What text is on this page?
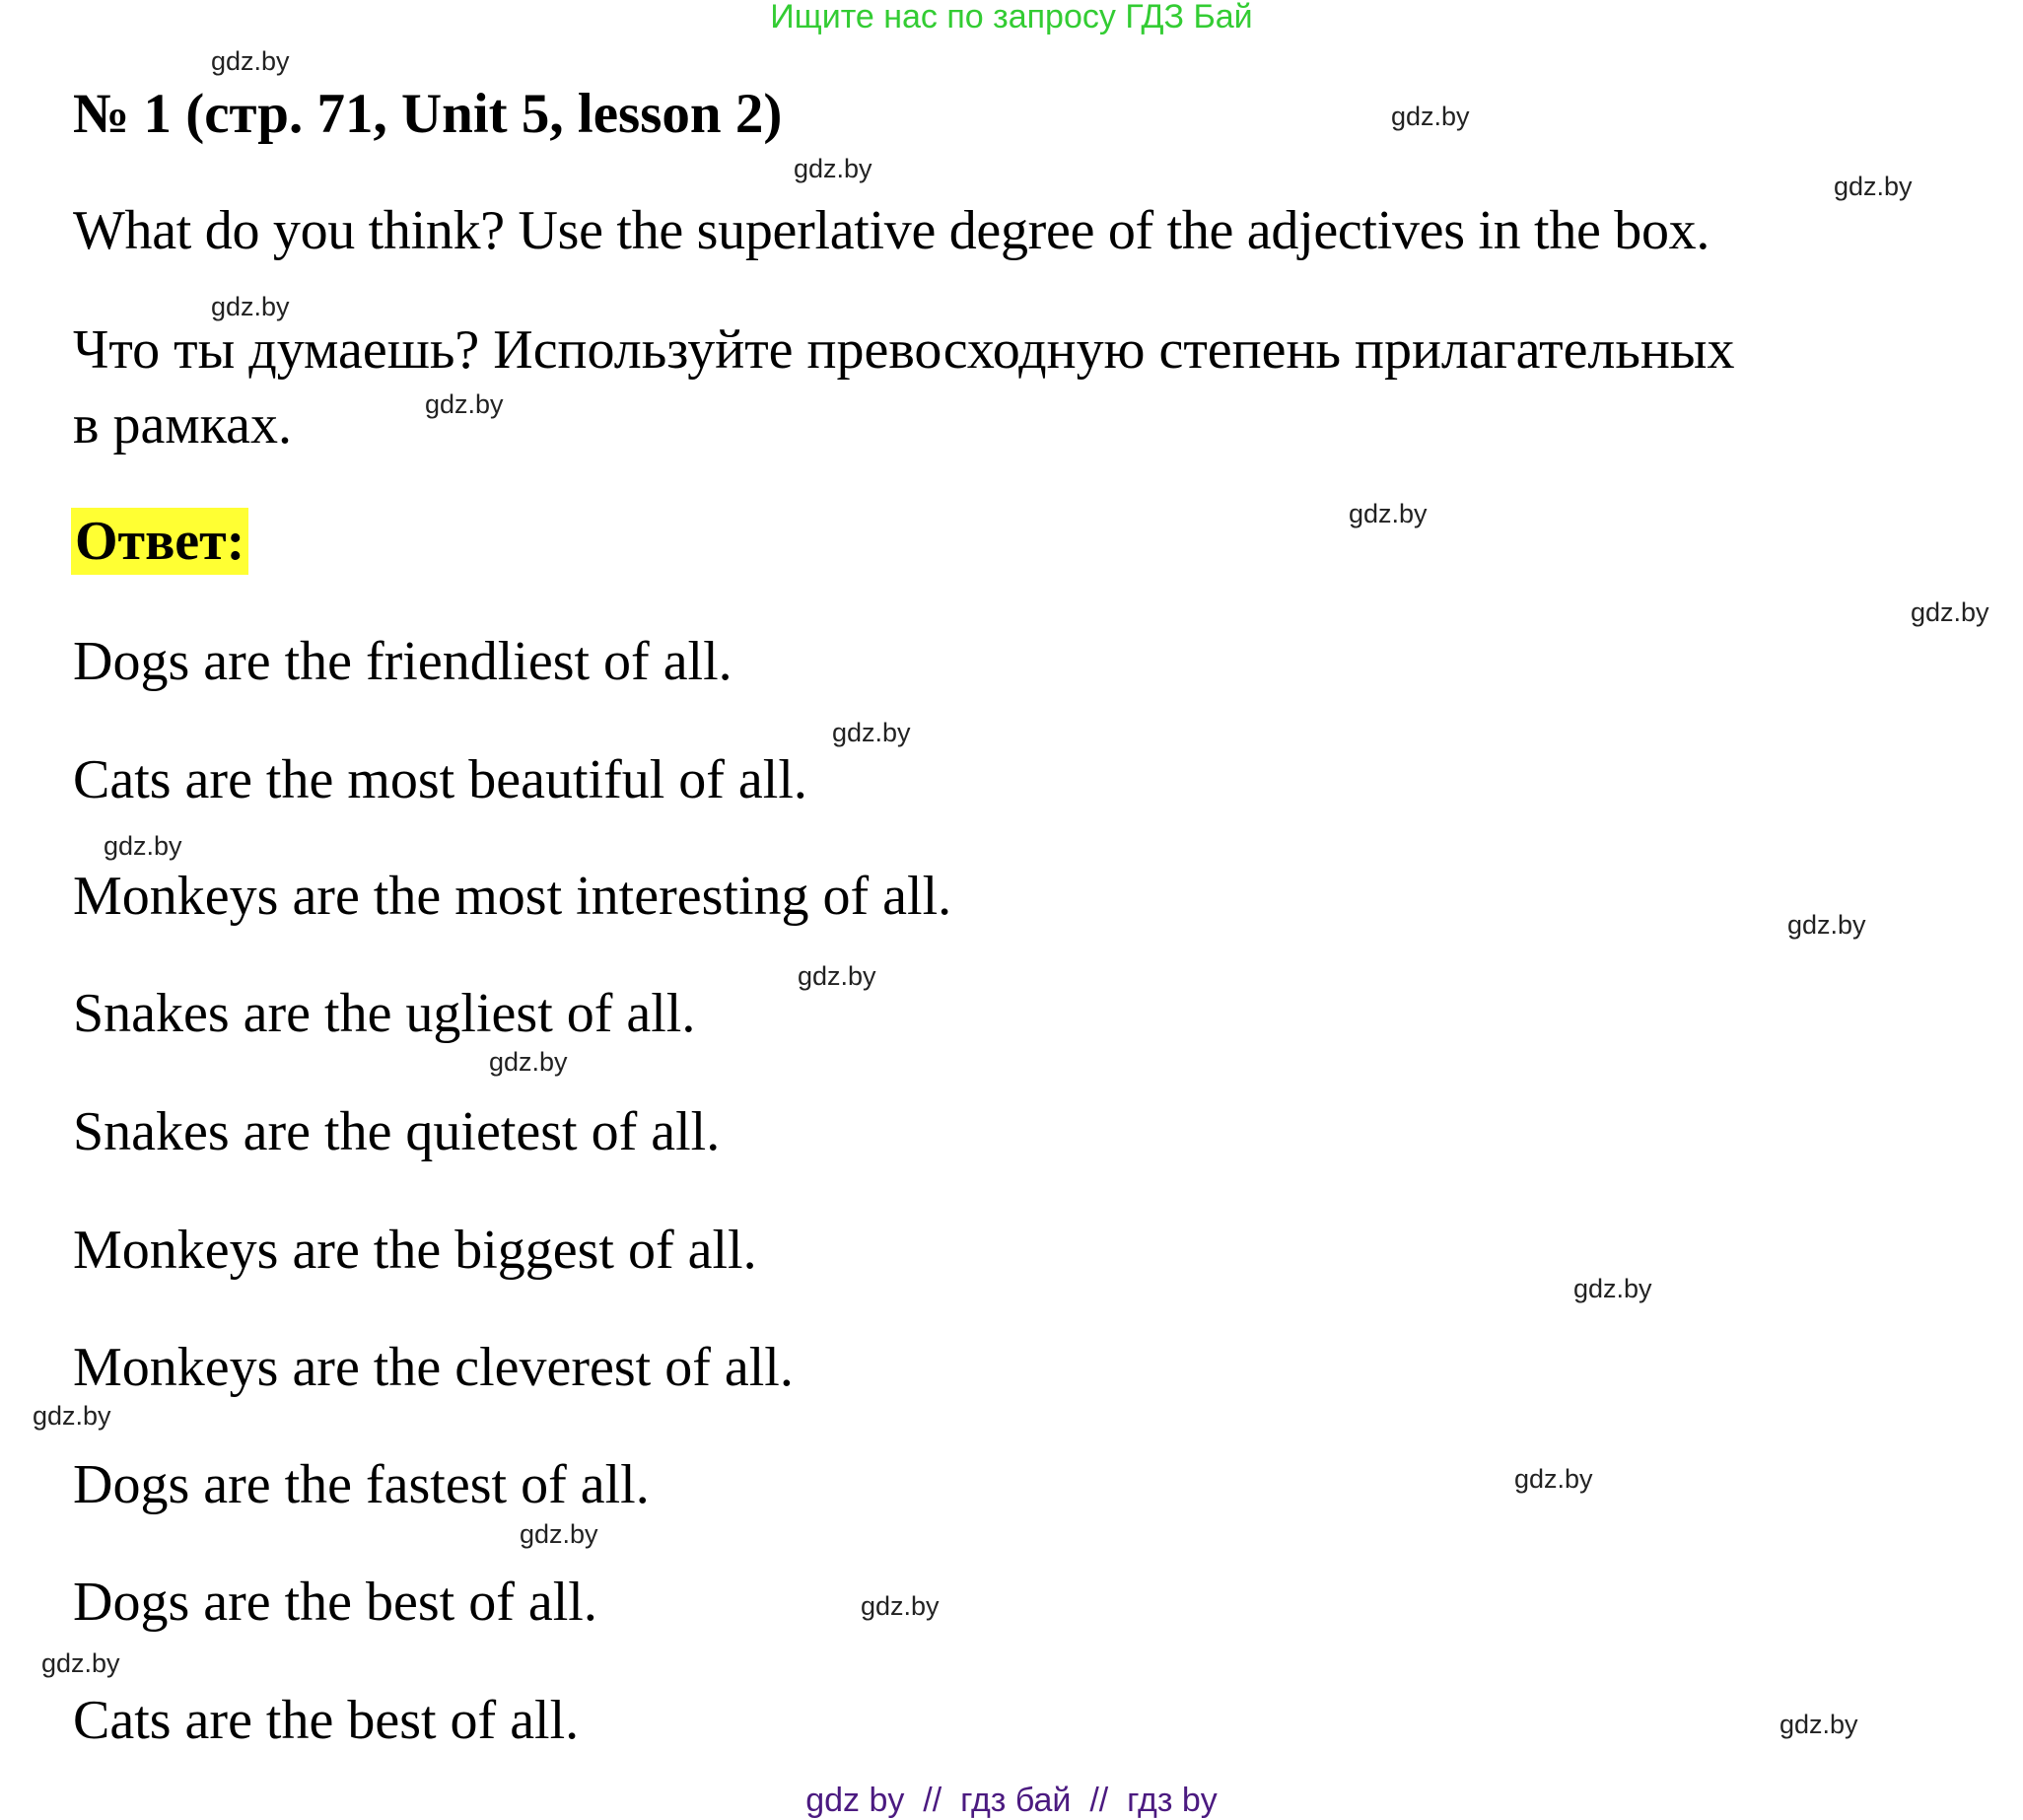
Ищите нас по запросу ГДЗ Бай
№ 1 (стр. 71, Unit 5, lesson 2)
What do you think? Use the superlative degree of the adjectives in the box.
Что ты думаешь? Используйте превосходную степень прилагательных
в рамках.
Ответ:
Dogs are the friendliest of all.
Cats are the most beautiful of all.
Monkeys are the most interesting of all.
Snakes are the ugliest of all.
Snakes are the quietest of all.
Monkeys are the biggest of all.
Monkeys are the cleverest of all.
Dogs are the fastest of all.
Dogs are the best of all.
Cats are the best of all.
gdz.by
gdz.by
gdz.by
gdz.by
gdz.by
gdz.by
gdz.by
gdz.by
gdz.by
gdz.by
gdz.by
gdz.by
gdz.by
gdz.by
gdz.by
gdz.by
gdz.by
gdz.by
gdz.by
gdz.by
gdz by  //  гдз бай  //  гдз by
